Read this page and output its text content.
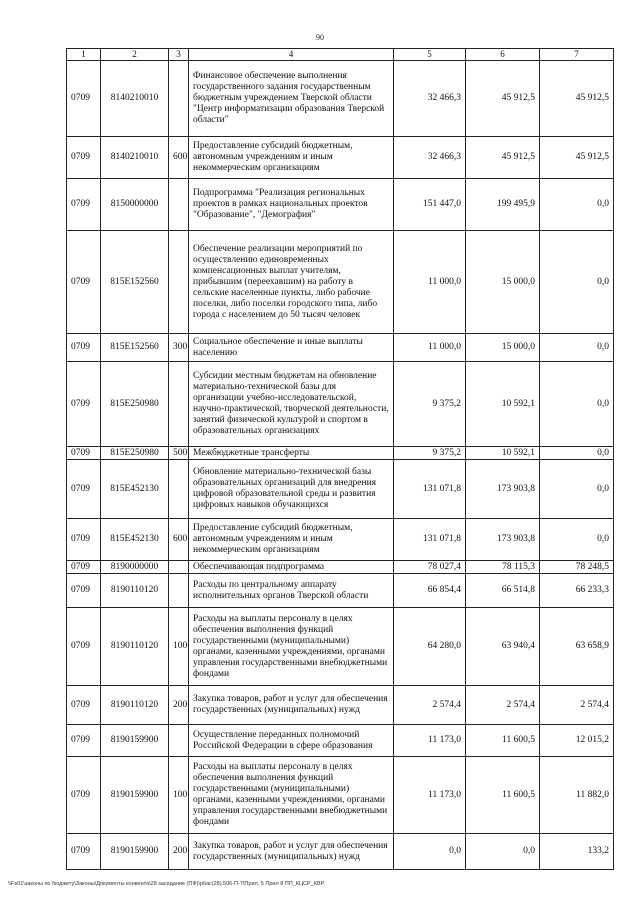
90
1	2	3	4	5	6	7
0709	8140210010		Финансовое обеспечение выполнения государственного задания государственным бюджетным учреждением Тверской области "Центр информатизации образования Тверской области"	32 466,3	45 912,5	45 912,5
0709	8140210010	600	Предоставление субсидий бюджетным, автономным учреждениям и иным некоммерческим организациям	32 466,3	45 912,5	45 912,5
0709	8150000000		Подпрограмма "Реализация региональных проектов в рамках национальных проектов "Образование", "Демография"	151 447,0	199 495,9	0,0
0709	815E152560		Обеспечение реализации мероприятий по осуществлению единовременных компенсационных выплат учителям, прибывшим (переехавшим) на работу в сельские населенные пункты, либо рабочие поселки, либо поселки городского типа, либо города с населением до 50 тысяч человек	11 000,0	15 000,0	0,0
0709	815E152560	300	Социальное обеспечение и иные выплаты населению	11 000,0	15 000,0	0,0
0709	815E250980		Субсидии местным бюджетам на обновление материально-технической базы для организации учебно-исследовательской, научно-практической, творческой деятельности, занятий физической культурой и спортом в образовательных организациях	9 375,2	10 592,1	0,0
0709	815E250980	500	Межбюджетные трансферты	9 375,2	10 592,1	0,0
0709	815E452130		Обновление материально-технической базы образовательных организаций для внедрения цифровой образовательной среды и развития цифровых навыков обучающихся	131 071,8	173 903,8	0,0
0709	815E452130	600	Предоставление субсидий бюджетным, автономным учреждениям и иным некоммерческим организациям	131 071,8	173 903,8	0,0
0709	8190000000		Обеспечивающая подпрограмма	78 027,4	78 115,3	78 248,5
0709	8190110120		Расходы по центральному аппарату исполнительных органов Тверской области	66 854,4	66 514,8	66 233,3
0709	8190110120	100	Расходы на выплаты персоналу в целях обеспечения выполнения функций государственными (муниципальными) органами, казенными учреждениями, органами управления государственными внебюджетными фондами	64 280,0	63 940,4	63 658,9
0709	8190110120	200	Закупка товаров, работ и услуг для обеспечения государственных (муниципальных) нужд	2 574,4	2 574,4	2 574,4
0709	8190159900		Осуществление переданных полномочий Российской Федерации в сфере образования	11 173,0	11 600,5	12 015,2
0709	8190159900	100	Расходы на выплаты персоналу в целях обеспечения выполнения функций государственными (муниципальными) органами, казенными учреждениями, органами управления государственными внебюджетными фондами	11 173,0	11 600,5	11 882,0
0709	8190159900	200	Закупка товаров, работ и услуг для обеспечения государственных (муниципальных) нужд	0,0	0,0	133,2
\\Fs01\законы по бюджету\Законы\Документы конвента\28 заседание (ПФ)\рбас(28).506-П-7\Прил. 5 Прил 8 ПП_КЦСР_КВР
